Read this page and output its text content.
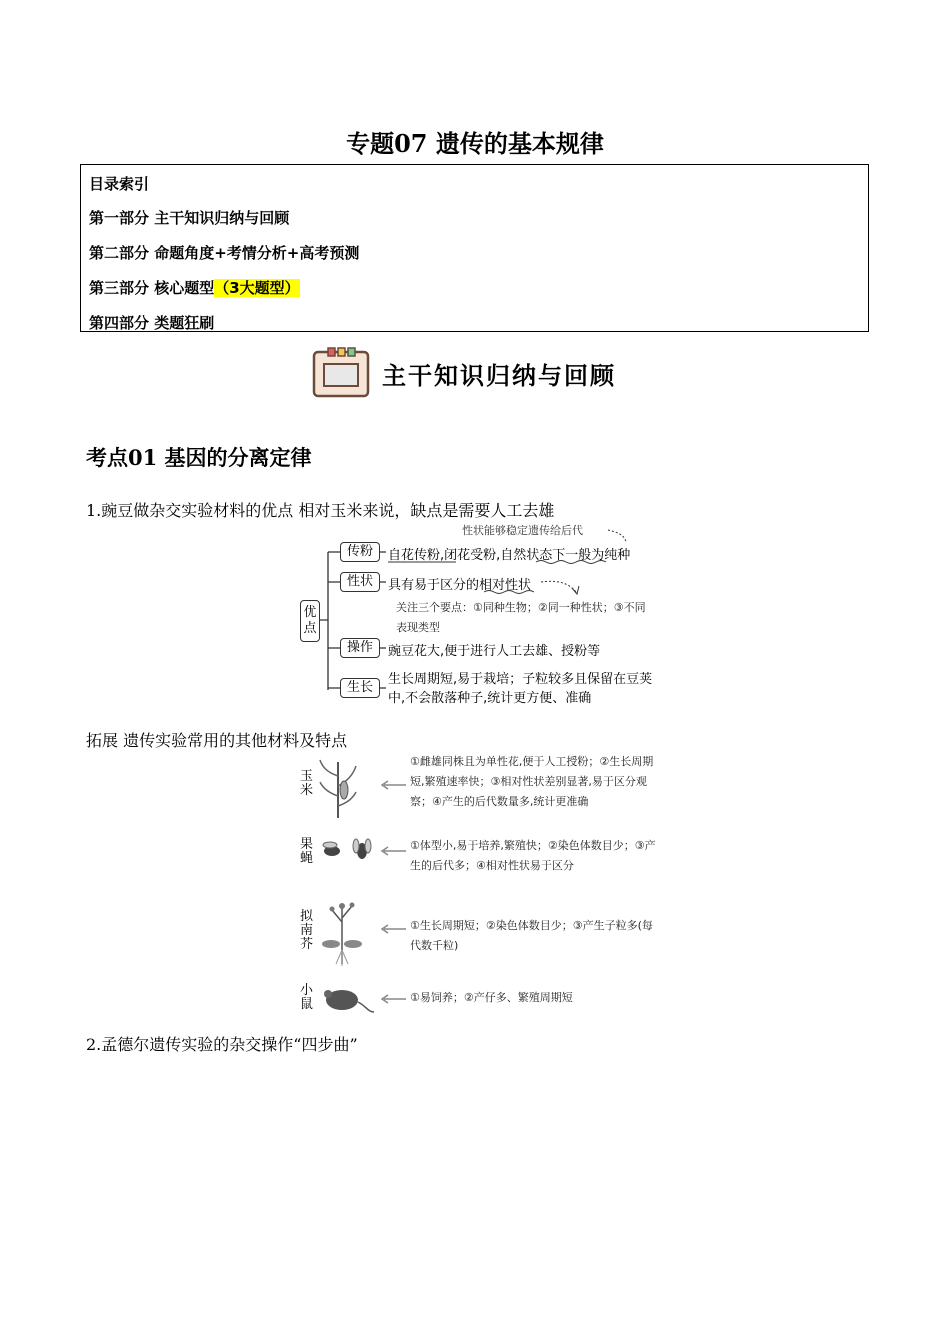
专题07 遗传的基本规律
目录索引
第一部分 主干知识归纳与回顾
第二部分 命题角度+考情分析+高考预测
第三部分 核心题型（3大题型）
第四部分 类题狂刷
主干知识归纳与回顾
考点01 基因的分离定律
1.豌豆做杂交实验材料的优点 相对玉米来说，缺点是需要人工去雄
优点
性状能够稳定遗传给后代
传粉	自花传粉,闭花受粉,自然状态下一般为纯种
性状	具有易于区分的相对性状
关注三个要点：①同种生物；②同一种性状；③不同表现类型
操作	豌豆花大,便于进行人工去雄、授粉等
生长
生长周期短,易于栽培；子粒较多且保留在豆荚中,不会散落种子,统计更方便、准确
拓展 遗传实验常用的其他材料及特点
玉米
①雌雄同株且为单性花,便于人工授粉；②生长周期短,繁殖速率快；③相对性状差别显著,易于区分观察；④产生的后代数量多,统计更准确
果蝇
①体型小,易于培养,繁殖快；②染色体数目少；③产生的后代多；④相对性状易于区分
拟南芥
①生长周期短；②染色体数目少；③产生子粒多(每代数千粒)
小鼠	①易饲养；②产仔多、繁殖周期短
2.孟德尔遗传实验的杂交操作“四步曲”
